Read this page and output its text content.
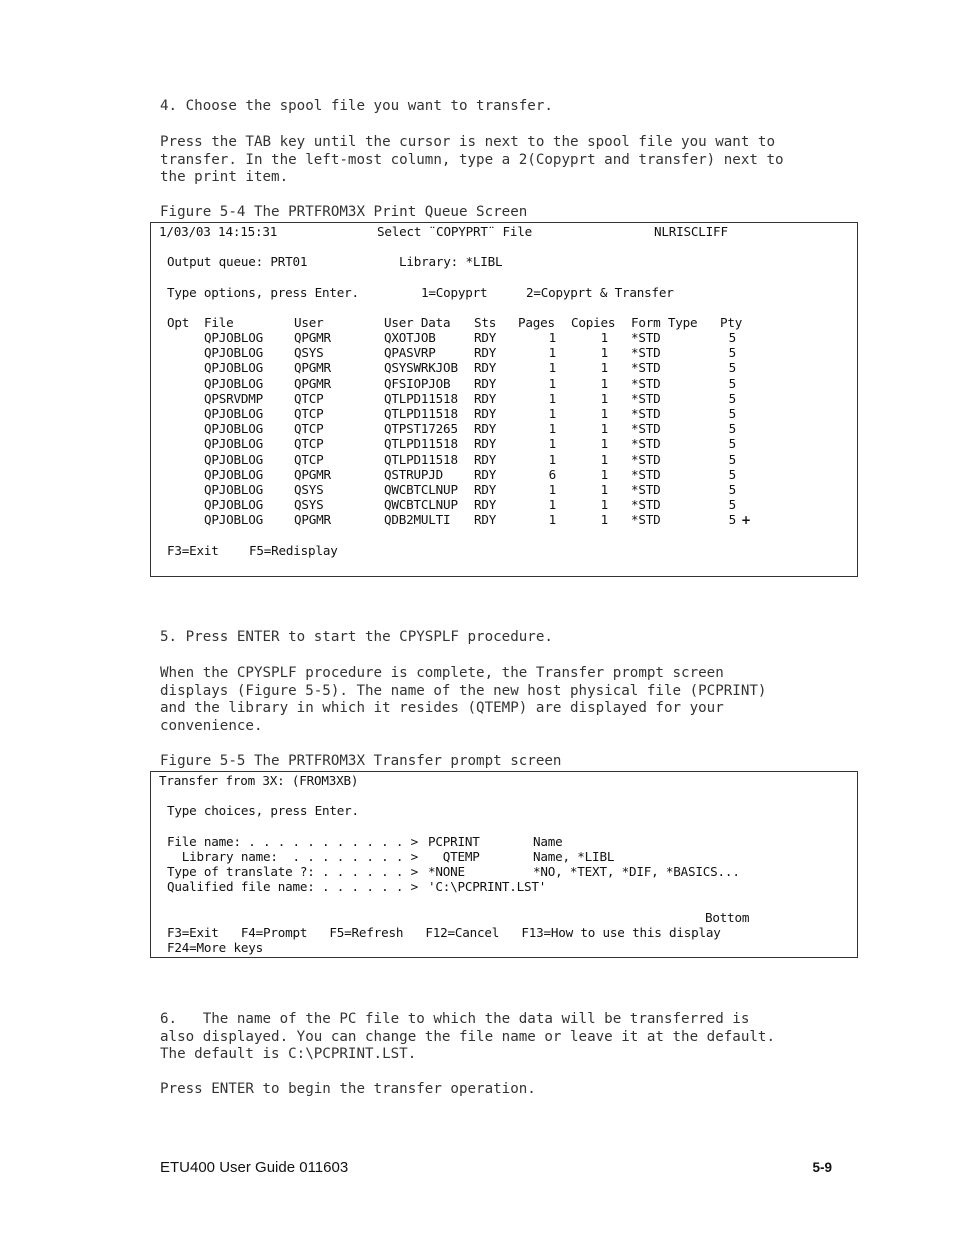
4. Choose the spool file you want to transfer.
Press the TAB key until the cursor is next to the spool file you want to
transfer. In the left-most column, type a 2(Copyprt and transfer) next to
the print item.
Figure 5-4 The PRTFROM3X Print Queue Screen
1/03/03 14:15:31	Select ¨COPYPRT¨ File	NLRISCLIFF
Output queue: PRT01	Library: *LIBL
Type options, press Enter.	1=Copyprt	2=Copyprt & Transfer
Opt File	User	User Data Sts Pages Copies Form Type Pty
QPJOBLOG QPGMR	QXOTJOB	RDY	1	1 *STD	5
QPJOBLOG QSYS	QPASVRP	RDY	1	1 *STD	5
QPJOBLOG QPGMR	QSYSWRKJOB RDY	1	1 *STD	5
QPJOBLOG QPGMR	QFSIOPJOB RDY	1	1 *STD	5
QPSRVDMP QTCP	QTLPD11518 RDY	1	1 *STD	5
QPJOBLOG QTCP	QTLPD11518 RDY	1	1 *STD	5
QPJOBLOG QTCP	QTPST17265 RDY	1	1 *STD	5
QPJOBLOG QTCP	QTLPD11518 RDY	1	1 *STD	5
QPJOBLOG QTCP	QTLPD11518 RDY	1	1 *STD	5
QPJOBLOG QPGMR	QSTRUPJD RDY	6	1 *STD	5
QPJOBLOG QSYS	QWCBTCLNUP RDY	1	1 *STD	5
QPJOBLOG QSYS	QWCBTCLNUP RDY	1	1 *STD	5
QPJOBLOG QPGMR	QDB2MULTI RDY	1	1 *STD	5 +
F3=Exit F5=Redisplay
5. Press ENTER to start the CPYSPLF procedure.
When the CPYSPLF procedure is complete, the Transfer prompt screen
displays (Figure 5-5). The name of the new host physical file (PCPRINT)
and the library in which it resides (QTEMP) are displayed for your
convenience.
Figure 5-5 The PRTFROM3X Transfer prompt screen
Transfer from 3X: (FROM3XB)
Type choices, press Enter.
File name: . . . . . . . . . . . > PCPRINT	Name
Library name:  . . . . . . . . > QTEMP	Name, *LIBL
Type of translate ?: . . . . . . > *NONE	*NO, *TEXT, *DIF, *BASICS...
Qualified file name: . . . . . . > 'C:\PCPRINT.LST'
Bottom
F3=Exit   F4=Prompt   F5=Refresh   F12=Cancel   F13=How to use this display
F24=More keys
6.   The name of the PC file to which the data will be transferred is
also displayed. You can change the file name or leave it at the default.
The default is C:\PCPRINT.LST.
Press ENTER to begin the transfer operation.
ETU400 User Guide 011603	5-9
